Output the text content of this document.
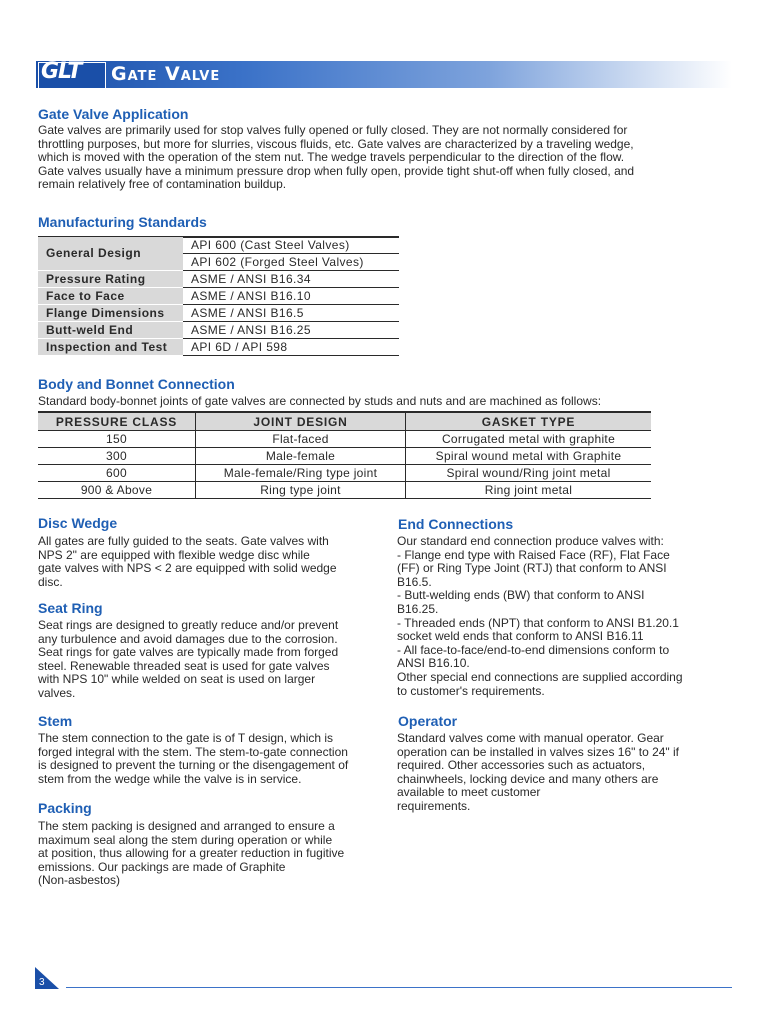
GLT Gate Valve
Gate Valve Application

Gate valves are primarily used for stop valves fully opened or fully closed. They are not normally considered for
throttling purposes, but more for slurries, viscous fluids, etc. Gate valves are characterized by a traveling wedge,
which is moved with the operation of the stem nut. The wedge travels perpendicular to the direction of the flow.
Gate valves usually have a minimum pressure drop when fully open, provide tight shut-off when fully closed, and
remain relatively free of contamination buildup.

Manufacturing Standards
General Design	API 600 (Cast Steel Valves)
	API 602 (Forged Steel Valves)
Pressure Rating	ASME / ANSI B16.34
Face to Face	ASME / ANSI B16.10
Flange Dimensions	ASME / ANSI B16.5
Butt-weld End	ASME / ANSI B16.25
Inspection and Test	API 6D / API 598
Body and Bonnet Connection

Standard body-bonnet joints of gate valves are connected by studs and nuts and are machined as follows:

PRESSURE CLASS	JOINT DESIGN	GASKET TYPE
150	Flat-faced	Corrugated metal with graphite
300	Male-female	Spiral wound metal with Graphite
600	Male-female/Ring type joint	Spiral wound/Ring joint metal
900 & Above	Ring type joint	Ring joint metal
Disc Wedge

All gates are fully guided to the seats. Gate valves with
NPS 2" are equipped with flexible wedge disc while
gate valves with NPS < 2 are equipped with solid wedge
disc.

Seat Ring

Seat rings are designed to greatly reduce and/or prevent
any turbulence and avoid damages due to the corrosion.
Seat rings for gate valves are typically made from forged
steel. Renewable threaded seat is used for gate valves
with NPS 10" while welded on seat is used on larger
valves.

Stem

The stem connection to the gate is of T design, which is
forged integral with the stem. The stem-to-gate connection
is designed to prevent the turning or the disengagement of
stem from the wedge while the valve is in service.

Packing

The stem packing is designed and arranged to ensure a
maximum seal along the stem during operation or while
at position, thus allowing for a greater reduction in fugitive
emissions. Our packings are made of Graphite
(Non-asbestos)

End Connections

Our standard end connection produce valves with:
- Flange end type with Raised Face (RF), Flat Face
(FF) or Ring Type Joint (RTJ) that conform to ANSI
B16.5.
- Butt-welding ends (BW) that conform to ANSI
B16.25.
- Threaded ends (NPT) that conform to ANSI B1.20.1
socket weld ends that conform to ANSI B16.11
- All face-to-face/end-to-end dimensions conform to
ANSI B16.10.
Other special end connections are supplied according
to customer's requirements.

Operator

Standard valves come with manual operator. Gear
operation can be installed in valves sizes 16" to 24" if
required. Other accessories such as actuators,
chainwheels, locking device and many others are
available to meet customer
requirements.

3
